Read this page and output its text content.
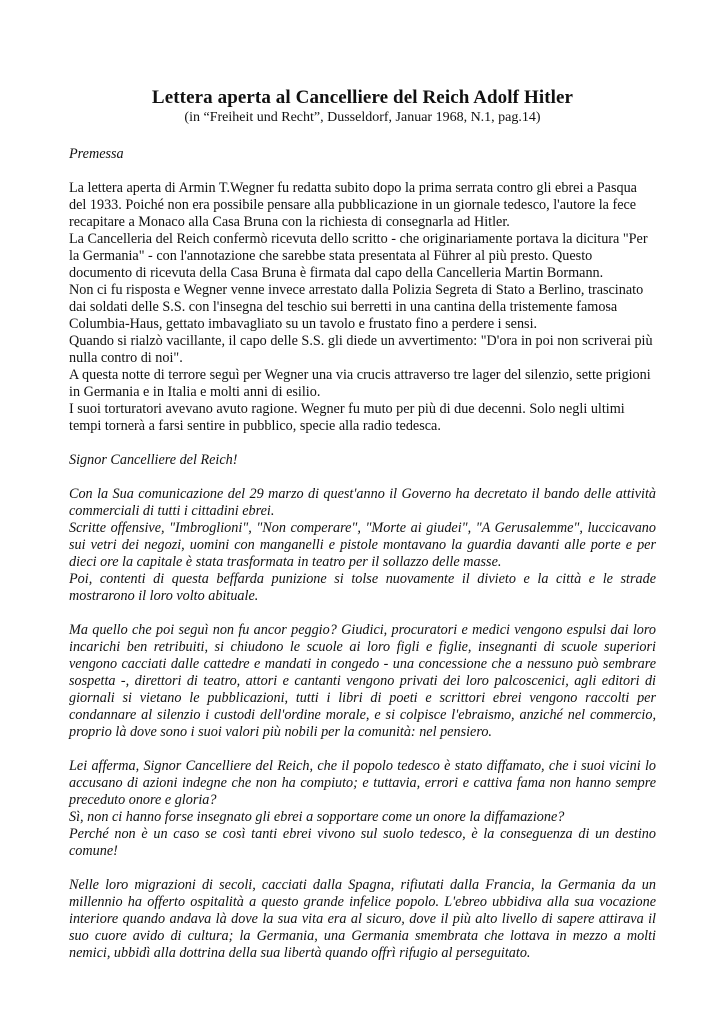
Lettera aperta al Cancelliere del Reich Adolf Hitler

(in “Freiheit und Recht”, Dusseldorf, Januar 1968, N.1, pag.14)

Premessa

La lettera aperta di Armin T.Wegner fu redatta subito dopo la prima serrata contro gli ebrei a Pasqua del 1933. Poiché non era possibile pensare alla pubblicazione in un giornale tedesco, l'autore la fece recapitare a Monaco alla Casa Bruna con la richiesta di consegnarla ad Hitler.

La Cancelleria del Reich confermò ricevuta dello scritto - che originariamente portava la dicitura "Per la Germania" - con l'annotazione che sarebbe stata presentata al Führer al più presto. Questo documento di ricevuta della Casa Bruna è firmata dal capo della Cancelleria Martin Bormann.

Non ci fu risposta e Wegner venne invece arrestato dalla Polizia Segreta di Stato a Berlino, trascinato dai soldati delle S.S. con l'insegna del teschio sui berretti in una cantina della tristemente famosa Columbia-Haus, gettato imbavagliato su un tavolo e frustato fino a perdere i sensi.

Quando si rialzò vacillante, il capo delle S.S. gli diede un avvertimento: "D'ora in poi non scriverai più nulla contro di noi".

A questa notte di terrore seguì per Wegner una via crucis attraverso tre lager del silenzio, sette prigioni in Germania e in Italia e molti anni di esilio.

I suoi torturatori avevano avuto ragione. Wegner fu muto per più di due decenni. Solo negli ultimi tempi tornerà a farsi sentire in pubblico, specie alla radio tedesca.

Signor Cancelliere del Reich!

Con la Sua comunicazione del 29 marzo di quest'anno il Governo ha decretato il bando delle attività commerciali di tutti i cittadini ebrei.

Scritte offensive, "Imbroglioni", "Non comperare", "Morte ai giudei", "A Gerusalemme", luccicavano sui vetri dei negozi, uomini con manganelli e pistole montavano la guardia davanti alle porte e per dieci ore la capitale è stata trasformata in teatro per il sollazzo delle masse.

Poi, contenti di questa beffarda punizione si tolse nuovamente il divieto e la città e le strade mostrarono il loro volto abituale.

Ma quello che poi seguì non fu ancor peggio? Giudici, procuratori e medici vengono espulsi dai loro incarichi ben retribuiti, si chiudono le scuole ai loro figli e figlie, insegnanti di scuole superiori vengono cacciati dalle cattedre e mandati in congedo - una concessione che a nessuno può sembrare sospetta -, direttori di teatro, attori e cantanti vengono privati dei loro palcoscenici, agli editori di giornali si vietano le pubblicazioni, tutti i libri di poeti e scrittori ebrei vengono raccolti per condannare al silenzio i custodi dell'ordine morale, e si colpisce l'ebraismo, anziché nel commercio, proprio là dove sono i suoi valori più nobili per la comunità: nel pensiero.

Lei afferma, Signor Cancelliere del Reich, che il popolo tedesco è stato diffamato, che i suoi vicini lo accusano di azioni indegne che non ha compiuto; e tuttavia, errori e cattiva fama non hanno sempre preceduto onore e gloria?

Sì, non ci hanno forse insegnato gli ebrei a sopportare come un onore la diffamazione?

Perché non è un caso se così tanti ebrei vivono sul suolo tedesco, è la conseguenza di un destino comune!

Nelle loro migrazioni di secoli, cacciati dalla Spagna, rifiutati dalla Francia, la Germania da un millennio ha offerto ospitalità a questo grande infelice popolo. L'ebreo ubbidiva alla sua vocazione interiore quando andava là dove la sua vita era al sicuro, dove il più alto livello di sapere attirava il suo cuore avido di cultura; la Germania, una Germania smembrata che lottava in mezzo a molti nemici, ubbidì alla dottrina della sua libertà quando offrì rifugio al perseguitato.
